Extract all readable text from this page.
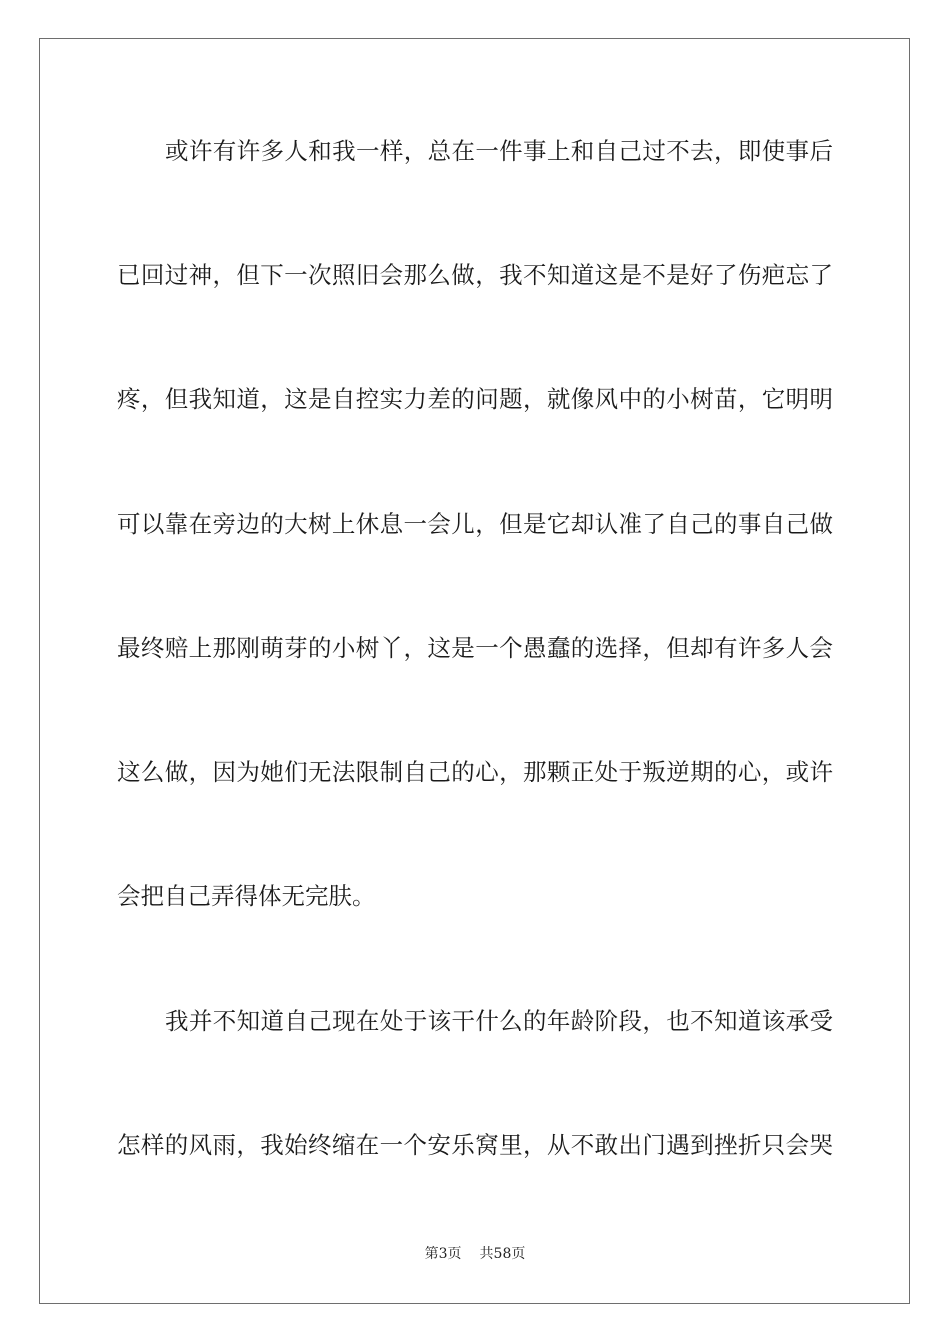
或许有许多人和我一样，总在一件事上和自己过不去，即使事后
已回过神，但下一次照旧会那么做，我不知道这是不是好了伤疤忘了
疼，但我知道，这是自控实力差的问题，就像风中的小树苗，它明明
可以靠在旁边的大树上休息一会儿，但是它却认准了自己的事自己做
最终赔上那刚萌芽的小树丫，这是一个愚蠢的选择，但却有许多人会
这么做，因为她们无法限制自己的心，那颗正处于叛逆期的心，或许
会把自己弄得体无完肤。
我并不知道自己现在处于该干什么的年龄阶段，也不知道该承受
怎样的风雨，我始终缩在一个安乐窝里，从不敢出门遇到挫折只会哭
第3页 共58页
